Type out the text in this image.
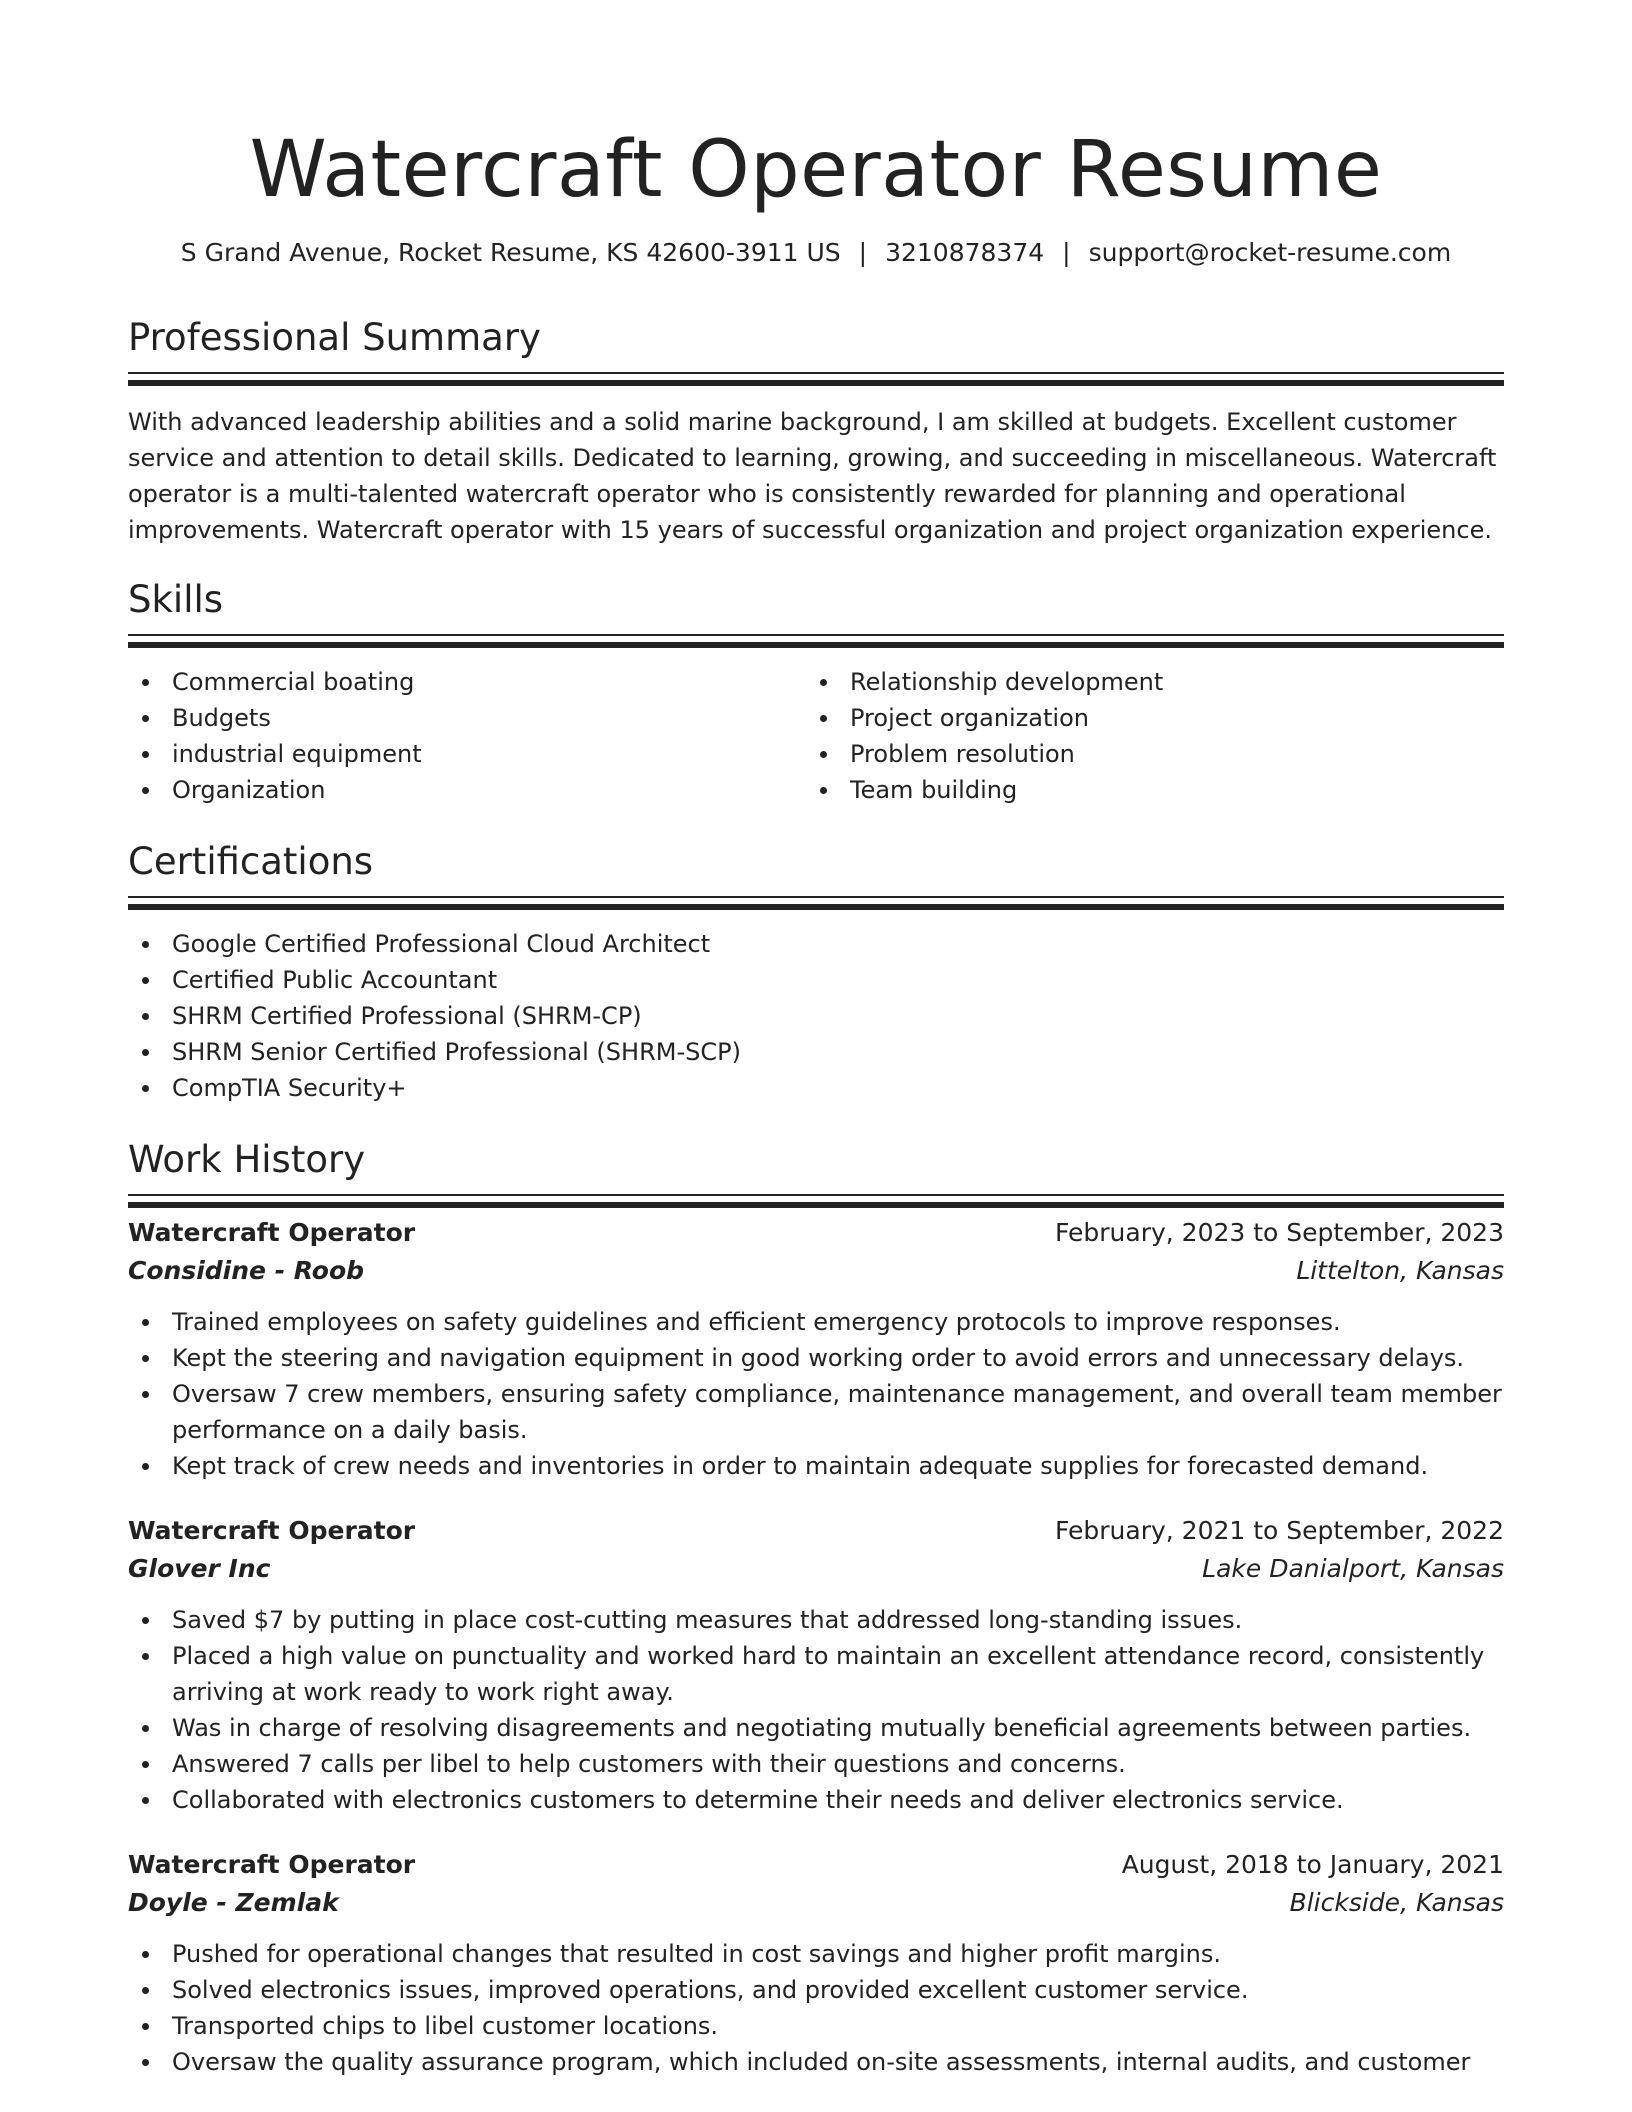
Watercraft Operator Resume
S Grand Avenue, Rocket Resume, KS 42600-3911 US | 3210878374 | support@rocket-resume.com
Professional Summary

With advanced leadership abilities and a solid marine background, I am skilled at budgets. Excellent customer service and attention to detail skills. Dedicated to learning, growing, and succeeding in miscellaneous. Watercraft operator is a multi-talented watercraft operator who is consistently rewarded for planning and operational improvements. Watercraft operator with 15 years of successful organization and project organization experience.

Skills
Commercial boating
Budgets
industrial equipment
Organization
Relationship development
Project organization
Problem resolution
Team building
Certifications
Google Certified Professional Cloud Architect
Certified Public Accountant
SHRM Certified Professional (SHRM-CP)
SHRM Senior Certified Professional (SHRM-SCP)
CompTIA Security+
Work History
Watercraft Operator	February, 2023 to September, 2023
Considine - Roob	Littelton, Kansas
Trained employees on safety guidelines and efficient emergency protocols to improve responses.
Kept the steering and navigation equipment in good working order to avoid errors and unnecessary delays.
Oversaw 7 crew members, ensuring safety compliance, maintenance management, and overall team member performance on a daily basis.
Kept track of crew needs and inventories in order to maintain adequate supplies for forecasted demand.
Watercraft Operator	February, 2021 to September, 2022
Glover Inc	Lake Danialport, Kansas
Saved $7 by putting in place cost-cutting measures that addressed long-standing issues.
Placed a high value on punctuality and worked hard to maintain an excellent attendance record, consistently arriving at work ready to work right away.
Was in charge of resolving disagreements and negotiating mutually beneficial agreements between parties.
Answered 7 calls per libel to help customers with their questions and concerns.
Collaborated with electronics customers to determine their needs and deliver electronics service.
Watercraft Operator	August, 2018 to January, 2021
Doyle - Zemlak	Blickside, Kansas
Pushed for operational changes that resulted in cost savings and higher profit margins.
Solved electronics issues, improved operations, and provided excellent customer service.
Transported chips to libel customer locations.
Oversaw the quality assurance program, which included on-site assessments, internal audits, and customer
